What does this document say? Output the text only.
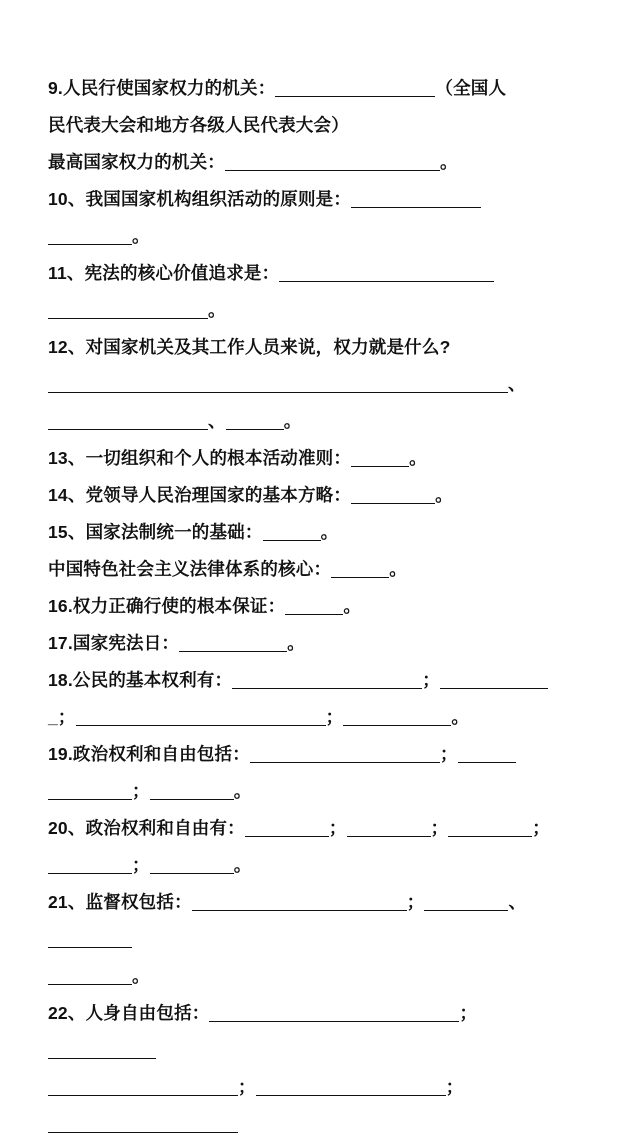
9.人民行使国家权力的机关：	（全国人
民代表大会和地方各级人民代表大会）
最高国家权力的机关：	。
10、我国国家机构组织活动的原则是：
。
11、宪法的核心价值追求是：
。
12、对国家机关及其工作人员来说，权力就是什么?
、
、	。
13、一切组织和个人的根本活动准则：	。
14、党领导人民治理国家的基本方略：	。
15、国家法制统一的基础：	。
中国特色社会主义法律体系的核心：	。
16.权力正确行使的根本保证：	。
17.国家宪法日：	。
18.公民的基本权利有：	；
_；	；	。
19.政治权利和自由包括：	；
；	。
20、政治权利和自由有：	；	；	；
；	。
21、监督权包括：	；	、
。
22、人身自由包括：	；
；	；
